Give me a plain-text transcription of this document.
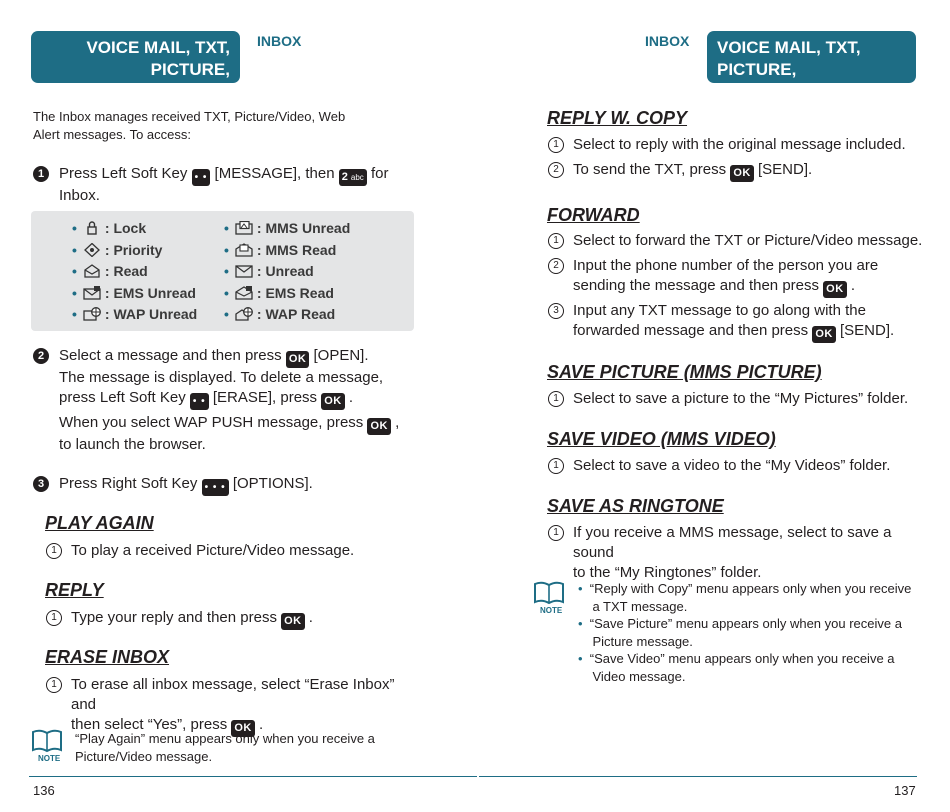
VOICE MAIL, TXT, PICTURE,
VIDEO MESSAGING
INBOX
The Inbox manages received TXT, Picture/Video, Web Alert messages. To access:
1 Press Left Soft Key • • [MESSAGE], then 2 abc for
Inbox.
• : Lock
• : Priority
• : Read
• : EMS Unread
• : WAP Unread
• : MMS Unread
• : MMS Read
• : Unread
• : EMS Read
• : WAP Read
2 Select a message and then press OK [OPEN].
The message is displayed. To delete a message,
press Left Soft Key • • [ERASE], press OK .
When you select WAP PUSH message, press OK ,
to launch the browser.
3 Press Right Soft Key • • • [OPTIONS].
PLAY AGAIN
1 To play a received Picture/Video message.
REPLY
1 Type your reply and then press OK .
ERASE INBOX
1 To erase all inbox message, select “Erase Inbox” and
then select “Yes”, press OK .
NOTE
“Play Again” menu appears only when you receive a
Picture/Video message.
136
INBOX VOICE MAIL, TXT, PICTURE,
VIDEO MESSAGING
REPLY W. COPY
1 Select to reply with the original message included.
2 To send the TXT, press OK [SEND].
FORWARD
1 Select to forward the TXT or Picture/Video message.
2 Input the phone number of the person you are
sending the message and then press OK .
3 Input any TXT message to go along with the
forwarded message and then press OK [SEND].
SAVE PICTURE (MMS PICTURE)
1 Select to save a picture to the “My Pictures” folder.
SAVE VIDEO (MMS VIDEO)
1 Select to save a video to the “My Videos” folder.
SAVE AS RINGTONE
1 If you receive a MMS message, select to save a sound
to the “My Ringtones” folder.
NOTE
• “Reply with Copy” menu appears only when you receive
a TXT message.
• “Save Picture” menu appears only when you receive a
Picture message.
• “Save Video” menu appears only when you receive a
Video message.
137
